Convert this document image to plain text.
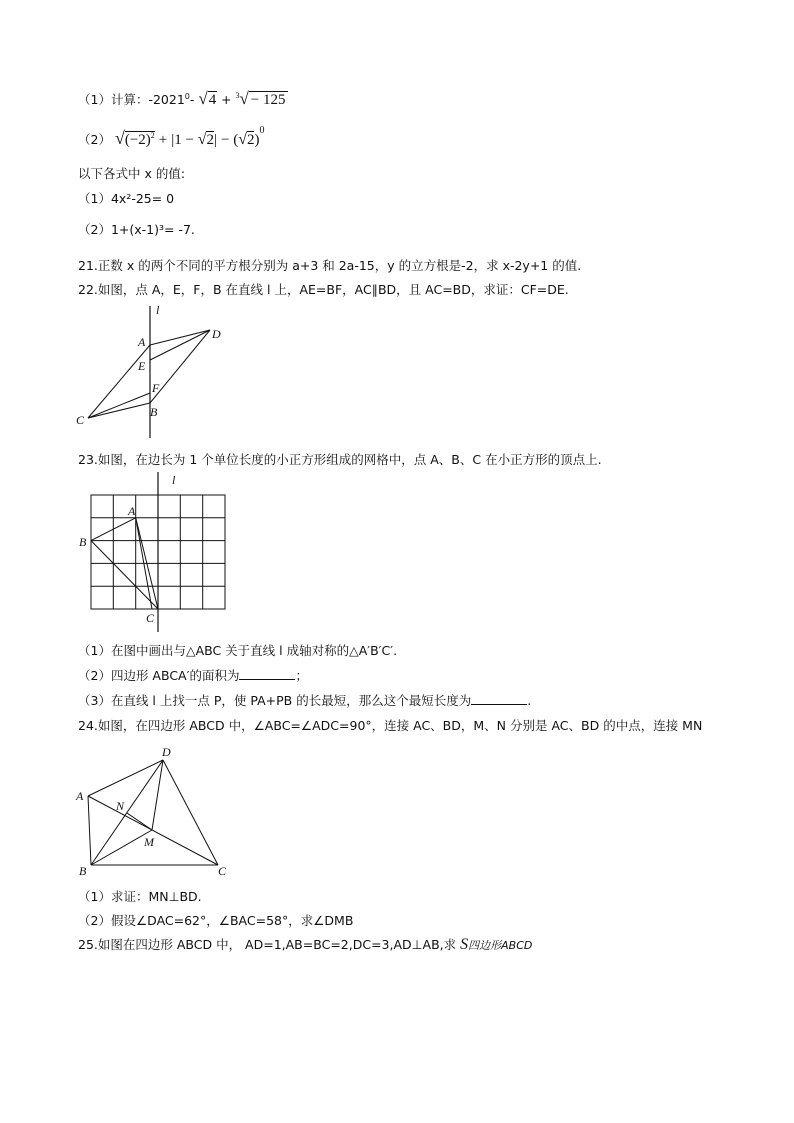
（1）计算：-2021$^0$- √4 + $^3$√ − 125
（2） $√(-2)^2 + |1 - √2| - (√2)^0$
以下各式中 x 的值:
（1）4x²-25= 0
（2）1+(x-1)³= -7.
21.正数 x 的两个不同的平方根分别为 a+3 和 2a-15，y 的立方根是-2，求 x-2y+1 的值.
22.如图，点 A，E，F，B 在直线 l 上，AE=BF，AC∥BD，且 AC=BD，求证：CF=DE.
l
A
E
F
B
C
D
23.如图，在边长为 1 个单位长度的小正方形组成的网格中，点 A、B、C 在小正方形的顶点上.
l
A
B
C
（1）在图中画出与△ABC 关于直线 l 成轴对称的△A′B′C′.
（2）四边形 ABCA′的面积为	；
（3）在直线 l 上找一点 P，使 PA+PB 的长最短，那么这个最短长度为	.
24.如图，在四边形 ABCD 中，∠ABC=∠ADC=90°，连接 AC、BD，M、N 分别是 AC、BD 的中点，连接 MN
D
A
N
M
B	C
（1）求证：MN⊥BD.
（2）假设∠DAC=62°，∠BAC=58°，求∠DMB
25.如图在四边形 ABCD 中， AD=1,AB=BC=2,DC=3,AD⊥AB,求 S四边形ABCD
